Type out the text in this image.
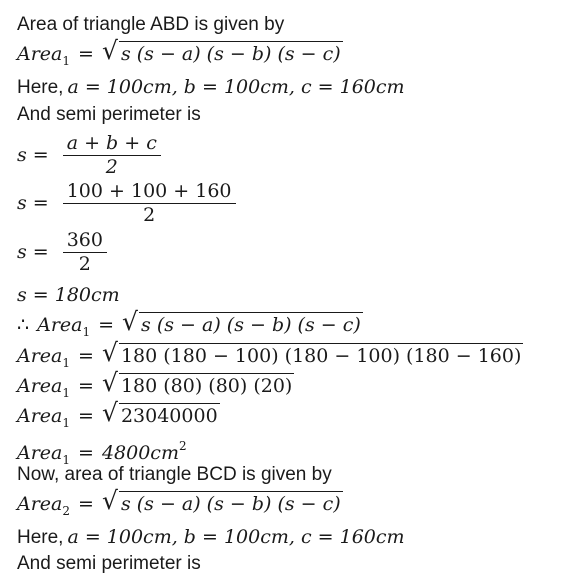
Area of triangle ABD is given by
Area$_1$ = √ s (s − a) (s − b) (s − c)
Here, a = 100cm, b = 100cm, c = 160cm
And semi perimeter is
$s = \frac{a + b + c}{2}$
$s = \frac{100 + 100 + 160}{2}$
$s = \frac{360}{2}$
s = 180cm
∴ Area$_1$ = √ s (s − a) (s − b) (s − c)
Area$_1$ = √ 180 (180 − 100) (180 − 100) (180 − 160)
Area$_1$ = √ 180 (80) (80) (20)
Area$_1$ = √ 23040000
Area$_1$ = $4800cm^2$
Now, area of triangle BCD is given by
Area$_2$ = √ s (s − a) (s − b) (s − c)
Here, a = 100cm, b = 100cm, c = 160cm
And semi perimeter is
